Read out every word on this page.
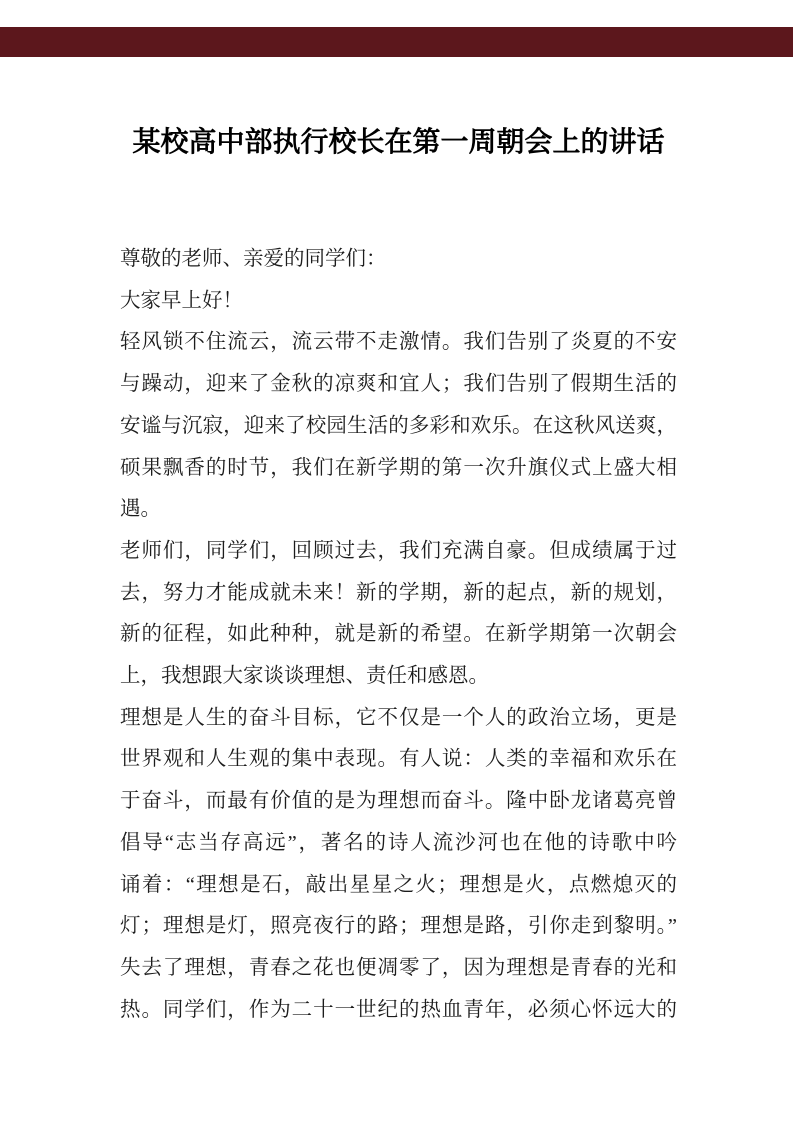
某校高中部执行校长在第一周朝会上的讲话
尊敬的老师、亲爱的同学们：
大家早上好！
轻风锁不住流云，流云带不走激情。我们告别了炎夏的不安
与躁动，迎来了金秋的凉爽和宜人；我们告别了假期生活的
安谧与沉寂，迎来了校园生活的多彩和欢乐。在这秋风送爽，
硕果飘香的时节，我们在新学期的第一次升旗仪式上盛大相
遇。
老师们，同学们，回顾过去，我们充满自豪。但成绩属于过
去，努力才能成就未来！新的学期，新的起点，新的规划，
新的征程，如此种种，就是新的希望。在新学期第一次朝会
上，我想跟大家谈谈理想、责任和感恩。
理想是人生的奋斗目标，它不仅是一个人的政治立场，更是
世界观和人生观的集中表现。有人说：人类的幸福和欢乐在
于奋斗，而最有价值的是为理想而奋斗。隆中卧龙诸葛亮曾
倡导“志当存高远”，著名的诗人流沙河也在他的诗歌中吟
诵着：“理想是石，敲出星星之火；理想是火，点燃熄灭的
灯；理想是灯，照亮夜行的路；理想是路，引你走到黎明。”
失去了理想，青春之花也便凋零了，因为理想是青春的光和
热。同学们，作为二十一世纪的热血青年，必须心怀远大的
